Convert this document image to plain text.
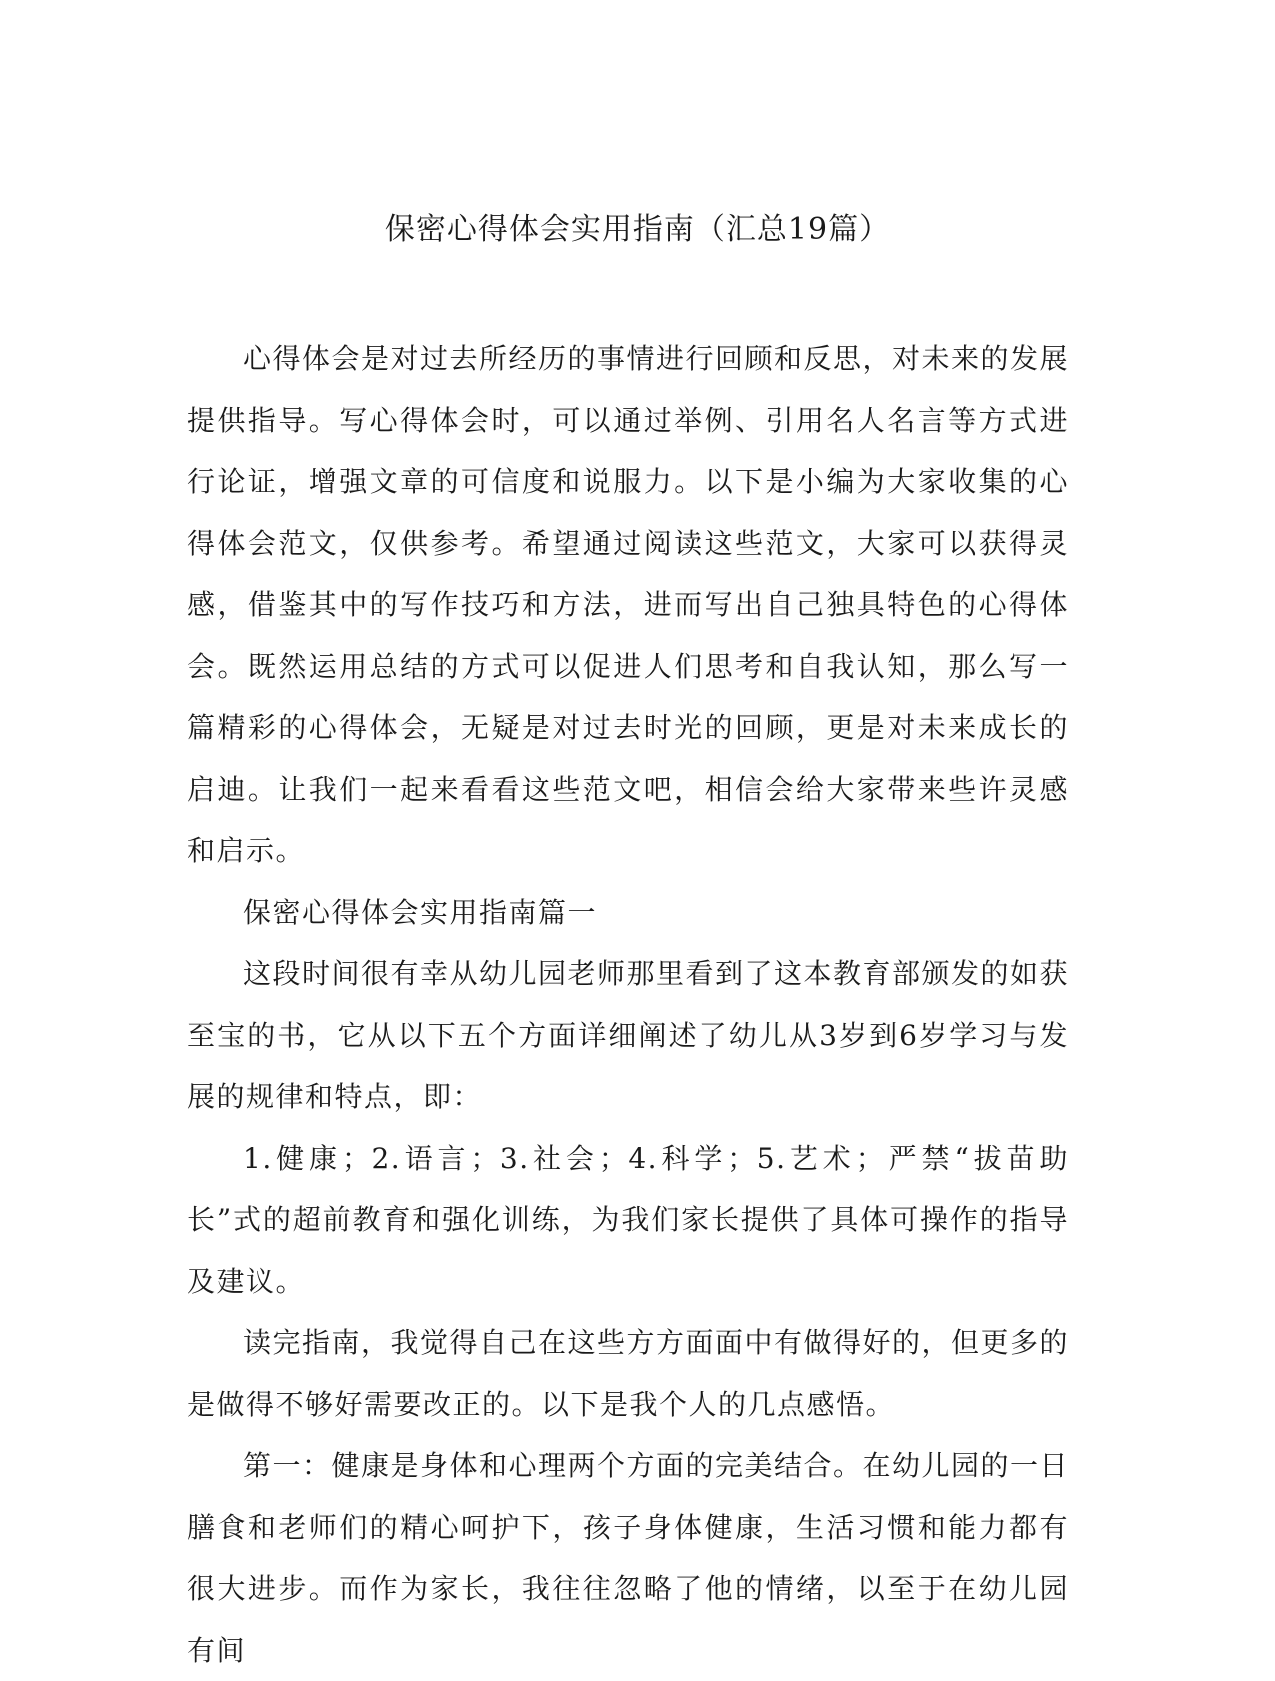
保密心得体会实用指南（汇总19篇）

心得体会是对过去所经历的事情进行回顾和反思，对未来的发展提供指导。写心得体会时，可以通过举例、引用名人名言等方式进行论证，增强文章的可信度和说服力。以下是小编为大家收集的心得体会范文，仅供参考。希望通过阅读这些范文，大家可以获得灵感，借鉴其中的写作技巧和方法，进而写出自己独具特色的心得体会。既然运用总结的方式可以促进人们思考和自我认知，那么写一篇精彩的心得体会，无疑是对过去时光的回顾，更是对未来成长的启迪。让我们一起来看看这些范文吧，相信会给大家带来些许灵感和启示。

保密心得体会实用指南篇一

这段时间很有幸从幼儿园老师那里看到了这本教育部颁发的如获至宝的书，它从以下五个方面详细阐述了幼儿从3岁到6岁学习与发展的规律和特点，即：

1.健康；2.语言；3.社会；4.科学；5.艺术；严禁“拔苗助长”式的超前教育和强化训练，为我们家长提供了具体可操作的指导及建议。

读完指南，我觉得自己在这些方方面面中有做得好的，但更多的是做得不够好需要改正的。以下是我个人的几点感悟。

第一：健康是身体和心理两个方面的完美结合。在幼儿园的一日膳食和老师们的精心呵护下，孩子身体健康，生活习惯和能力都有很大进步。而作为家长，我往往忽略了他的情绪，以至于在幼儿园有间
